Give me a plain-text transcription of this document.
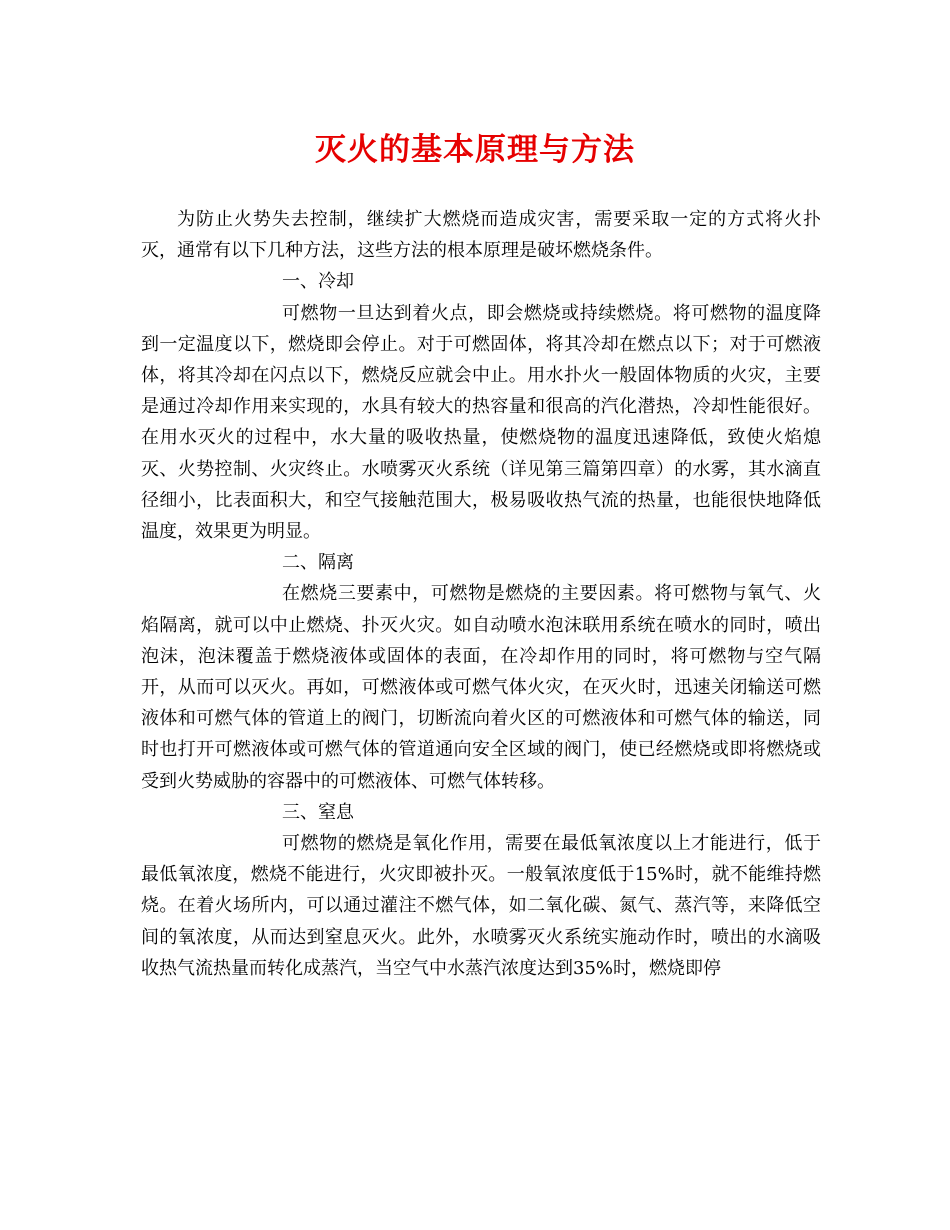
灭火的基本原理与方法

为防止火势失去控制，继续扩大燃烧而造成灾害，需要采取一定的方式将火扑灭，通常有以下几种方法，这些方法的根本原理是破坏燃烧条件。

一、冷却

可燃物一旦达到着火点，即会燃烧或持续燃烧。将可燃物的温度降到一定温度以下，燃烧即会停止。对于可燃固体，将其冷却在燃点以下；对于可燃液体，将其冷却在闪点以下，燃烧反应就会中止。用水扑火一般固体物质的火灾，主要是通过冷却作用来实现的，水具有较大的热容量和很高的汽化潜热，冷却性能很好。在用水灭火的过程中，水大量的吸收热量，使燃烧物的温度迅速降低，致使火焰熄灭、火势控制、火灾终止。水喷雾灭火系统（详见第三篇第四章）的水雾，其水滴直径细小，比表面积大，和空气接触范围大，极易吸收热气流的热量，也能很快地降低温度，效果更为明显。

二、隔离

在燃烧三要素中，可燃物是燃烧的主要因素。将可燃物与氧气、火焰隔离，就可以中止燃烧、扑灭火灾。如自动喷水泡沫联用系统在喷水的同时，喷出泡沫，泡沫覆盖于燃烧液体或固体的表面，在冷却作用的同时，将可燃物与空气隔开，从而可以灭火。再如，可燃液体或可燃气体火灾，在灭火时，迅速关闭输送可燃液体和可燃气体的管道上的阀门，切断流向着火区的可燃液体和可燃气体的输送，同时也打开可燃液体或可燃气体的管道通向安全区域的阀门，使已经燃烧或即将燃烧或受到火势威胁的容器中的可燃液体、可燃气体转移。

三、窒息

可燃物的燃烧是氧化作用，需要在最低氧浓度以上才能进行，低于最低氧浓度，燃烧不能进行，火灾即被扑灭。一般氧浓度低于15%时，就不能维持燃烧。在着火场所内，可以通过灌注不燃气体，如二氧化碳、氮气、蒸汽等，来降低空间的氧浓度，从而达到窒息灭火。此外，水喷雾灭火系统实施动作时，喷出的水滴吸收热气流热量而转化成蒸汽，当空气中水蒸汽浓度达到35%时，燃烧即停
